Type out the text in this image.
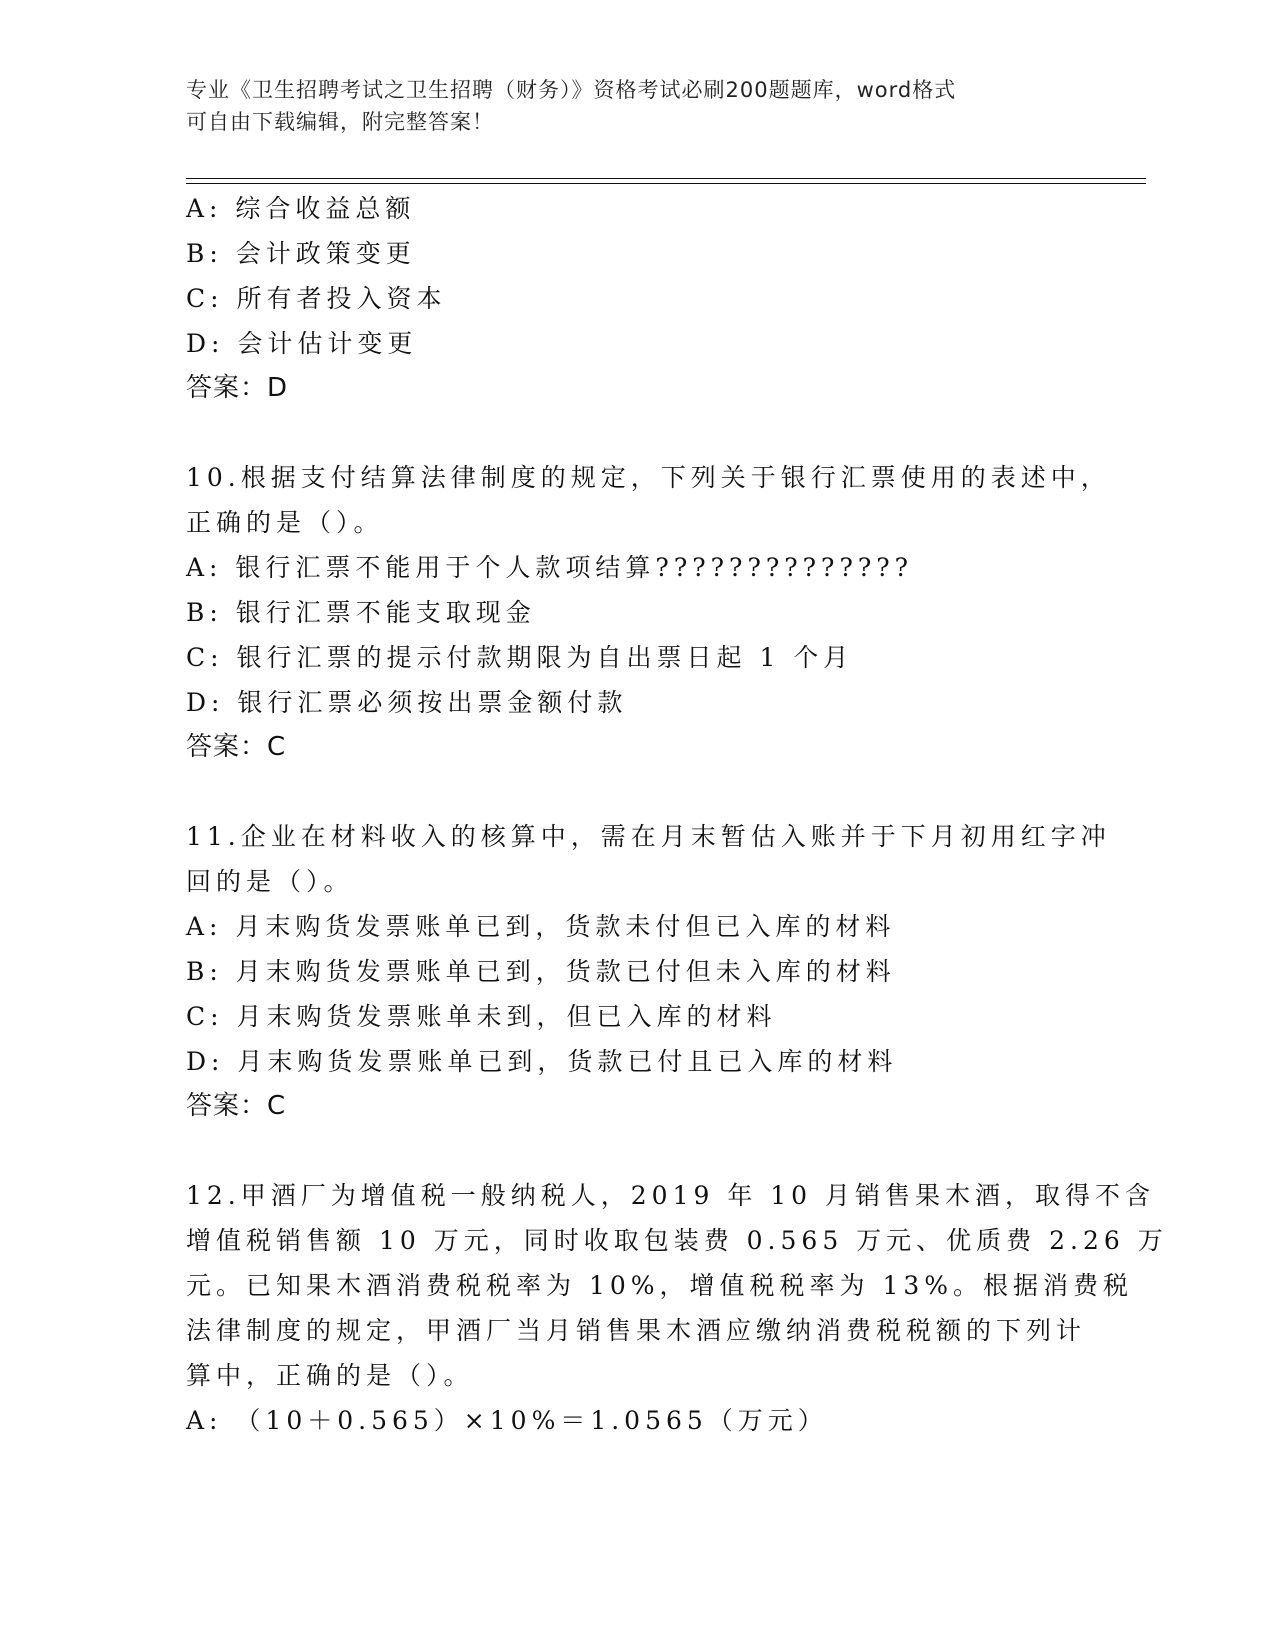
专业《卫生招聘考试之卫生招聘（财务）》资格考试必刷200题题库，word格式
可自由下载编辑，附完整答案！
A: 综合收益总额
B: 会计政策变更
C: 所有者投入资本
D: 会计估计变更
答案：D
10.根据支付结算法律制度的规定，下列关于银行汇票使用的表述中，
正确的是（）。
A: 银行汇票不能用于个人款项结算??????????????
B: 银行汇票不能支取现金
C: 银行汇票的提示付款期限为自出票日起 1 个月
D: 银行汇票必须按出票金额付款
答案：C
11.企业在材料收入的核算中，需在月末暂估入账并于下月初用红字冲
回的是（）。
A: 月末购货发票账单已到，货款未付但已入库的材料
B: 月末购货发票账单已到，货款已付但未入库的材料
C: 月末购货发票账单未到，但已入库的材料
D: 月末购货发票账单已到，货款已付且已入库的材料
答案：C
12.甲酒厂为增值税一般纳税人，2019 年 10 月销售果木酒，取得不含
增值税销售额 10 万元，同时收取包装费 0.565 万元、优质费 2.26 万
元。已知果木酒消费税税率为 10%，增值税税率为 13%。根据消费税
法律制度的规定，甲酒厂当月销售果木酒应缴纳消费税税额的下列计
算中，正确的是（）。
A: （10＋0.565）×10%＝1.0565（万元）
